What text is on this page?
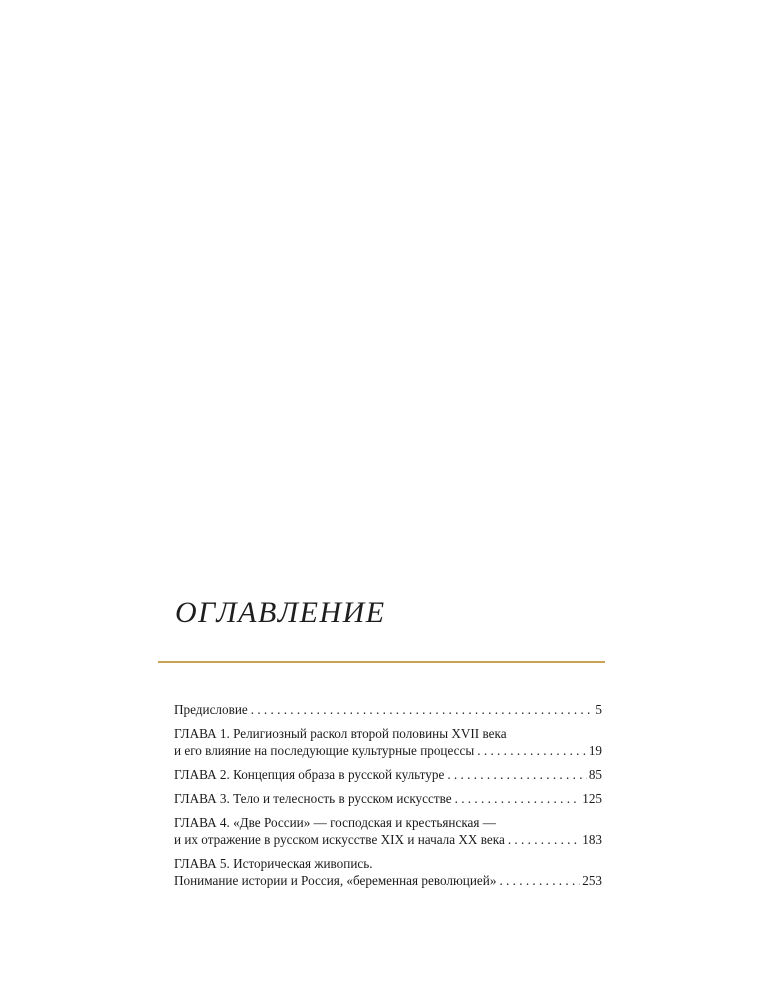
ОГЛАВЛЕНИЕ
Предисловие . . .	5
ГЛАВА 1. Религиозный раскол второй половины XVII века
и его влияние на последующие культурные процессы . . .	19
ГЛАВА 2. Концепция образа в русской культуре . . .	85
ГЛАВА 3. Тело и телесность в русском искусстве . . .	125
ГЛАВА 4. «Две России» — господская и крестьянская —
и их отражение в русском искусстве XIX и начала XX века . . .	183
ГЛАВА 5. Историческая живопись.
Понимание истории и Россия, «беременная революцией» . . .	253
